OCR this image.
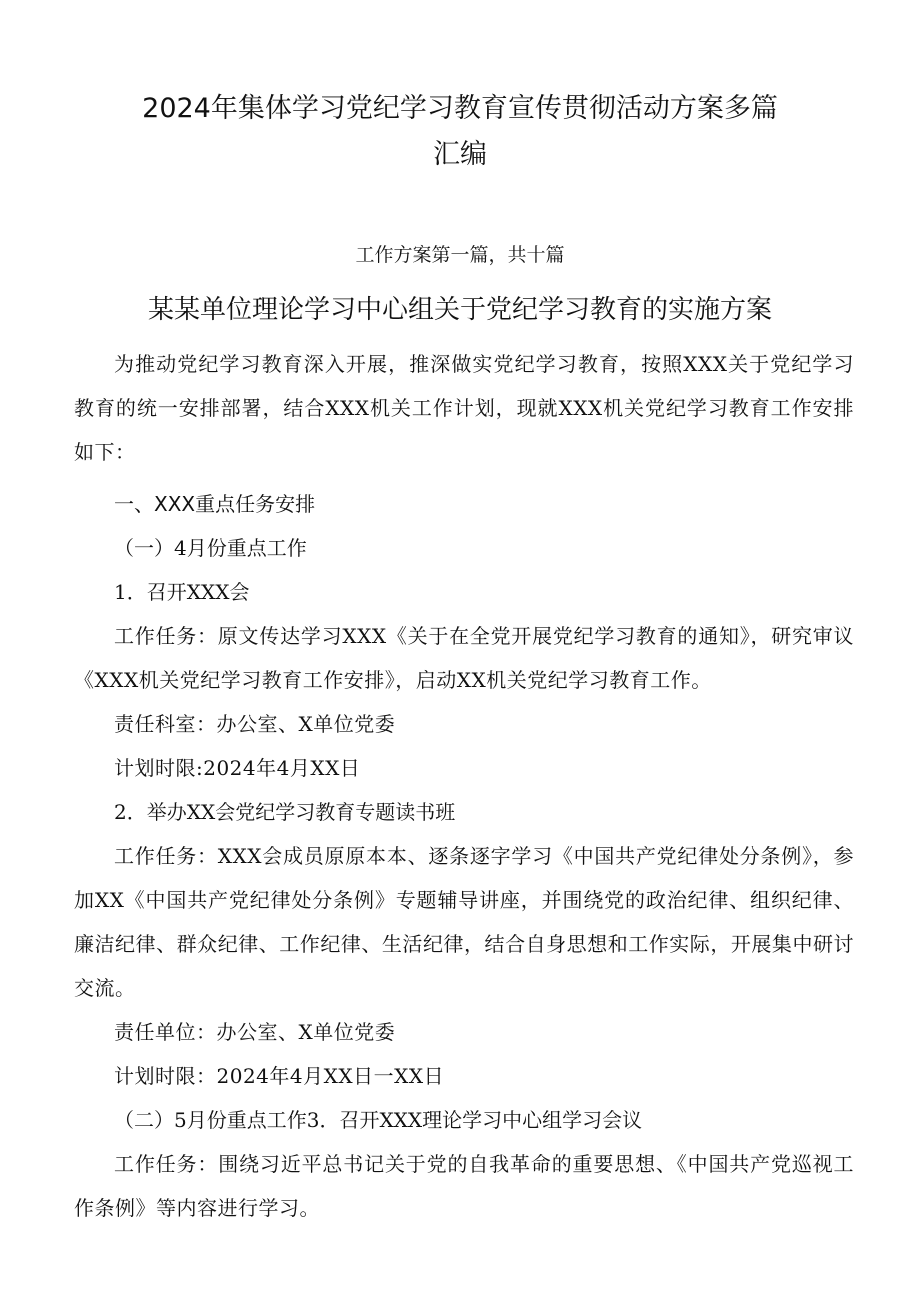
2024年集体学习党纪学习教育宣传贯彻活动方案多篇
汇编
工作方案第一篇，共十篇
某某单位理论学习中心组关于党纪学习教育的实施方案

为推动党纪学习教育深入开展，推深做实党纪学习教育，按照XXX关于党纪学习教育的统一安排部署，结合XXX机关工作计划，现就XXX机关党纪学习教育工作安排如下：

一、XXX重点任务安排

（一）4月份重点工作

1．召开XXX会

工作任务：原文传达学习XXX《关于在全党开展党纪学习教育的通知》，研究审议《XXX机关党纪学习教育工作安排》，启动XX机关党纪学习教育工作。

责任科室：办公室、X单位党委

计划时限:2024年4月XX日

2．举办XX会党纪学习教育专题读书班

工作任务：XXX会成员原原本本、逐条逐字学习《中国共产党纪律处分条例》，参加XX《中国共产党纪律处分条例》专题辅导讲座，并围绕党的政治纪律、组织纪律、廉洁纪律、群众纪律、工作纪律、生活纪律，结合自身思想和工作实际，开展集中研讨交流。

责任单位：办公室、X单位党委

计划时限：2024年4月XX日一XX日

（二）5月份重点工作3．召开XXX理论学习中心组学习会议

工作任务：围绕习近平总书记关于党的自我革命的重要思想、《中国共产党巡视工作条例》等内容进行学习。
